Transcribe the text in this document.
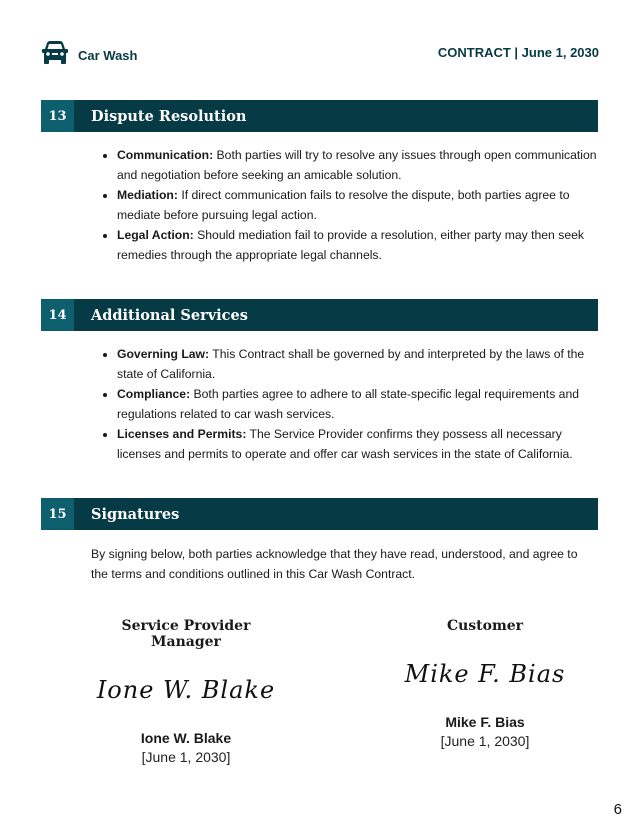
Car Wash	CONTRACT | June 1, 2030
13	Dispute Resolution
• Communication: Both parties will try to resolve any issues through open communication and negotiation before seeking an amicable solution.
• Mediation: If direct communication fails to resolve the dispute, both parties agree to mediate before pursuing legal action.
• Legal Action: Should mediation fail to provide a resolution, either party may then seek remedies through the appropriate legal channels.
14	Additional Services
• Governing Law: This Contract shall be governed by and interpreted by the laws of the state of California.
• Compliance: Both parties agree to adhere to all state-specific legal requirements and regulations related to car wash services.
• Licenses and Permits: The Service Provider confirms they possess all necessary licenses and permits to operate and offer car wash services in the state of California.
15	Signatures
By signing below, both parties acknowledge that they have read, understood, and agree to the terms and conditions outlined in this Car Wash Contract.
Service Provider Manager
Ione W. Blake
Ione W. Blake
[June 1, 2030]
Customer
Mike F. Bias
Mike F. Bias
[June 1, 2030]
6
